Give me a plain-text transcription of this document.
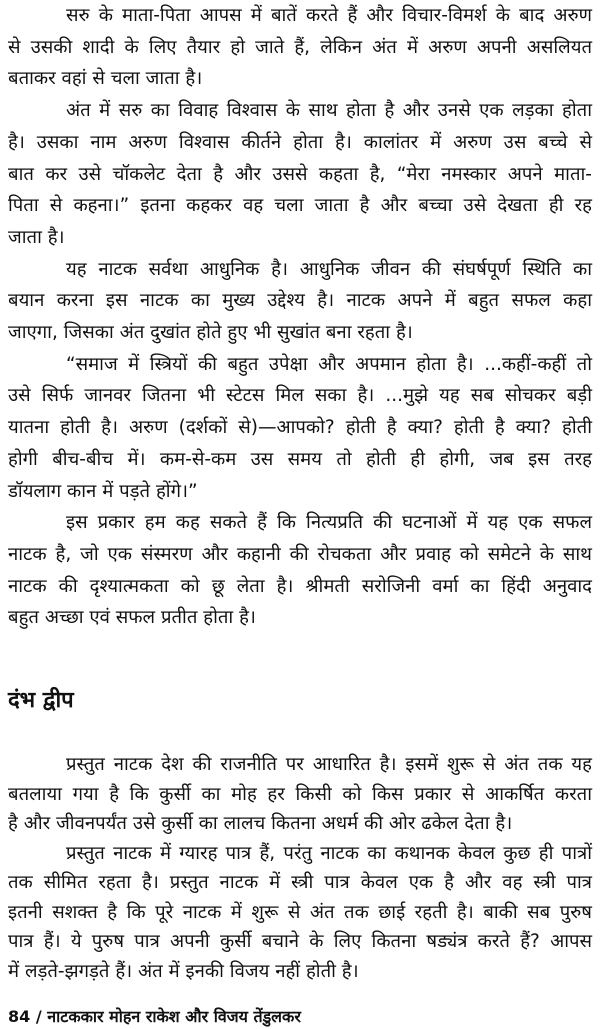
सरु के माता-पिता आपस में बातें करते हैं और विचार-विमर्श के बाद अरुण
से उसकी शादी के लिए तैयार हो जाते हैं, लेकिन अंत में अरुण अपनी असलियत
बताकर वहां से चला जाता है।
अंत में सरु का विवाह विश्वास के साथ होता है और उनसे एक लड़का होता
है। उसका नाम अरुण विश्वास कीर्तने होता है। कालांतर में अरुण उस बच्चे से
बात कर उसे चॉकलेट देता है और उससे कहता है, “मेरा नमस्कार अपने माता-
पिता से कहना।” इतना कहकर वह चला जाता है और बच्चा उसे देखता ही रह
जाता है।
यह नाटक सर्वथा आधुनिक है। आधुनिक जीवन की संघर्षपूर्ण स्थिति का
बयान करना इस नाटक का मुख्य उद्देश्य है। नाटक अपने में बहुत सफल कहा
जाएगा, जिसका अंत दुखांत होते हुए भी सुखांत बना रहता है।
“समाज में स्त्रियों की बहुत उपेक्षा और अपमान होता है। ...कहीं-कहीं तो
उसे सिर्फ जानवर जितना भी स्टेटस मिल सका है। ...मुझे यह सब सोचकर बड़ी
यातना होती है। अरुण (दर्शकों से)—आपको? होती है क्या? होती है क्या? होती
होगी बीच-बीच में। कम-से-कम उस समय तो होती ही होगी, जब इस तरह
डॉयलाग कान में पड़ते होंगे।”
इस प्रकार हम कह सकते हैं कि नित्यप्रति की घटनाओं में यह एक सफल
नाटक है, जो एक संस्मरण और कहानी की रोचकता और प्रवाह को समेटने के साथ
नाटक की दृश्यात्मकता को छू लेता है। श्रीमती सरोजिनी वर्मा का हिंदी अनुवाद
बहुत अच्छा एवं सफल प्रतीत होता है।
दंभ द्वीप
प्रस्तुत नाटक देश की राजनीति पर आधारित है। इसमें शुरू से अंत तक यह
बतलाया गया है कि कुर्सी का मोह हर किसी को किस प्रकार से आकर्षित करता
है और जीवनपर्यंत उसे कुर्सी का लालच कितना अधर्म की ओर ढकेल देता है।
प्रस्तुत नाटक में ग्यारह पात्र हैं, परंतु नाटक का कथानक केवल कुछ ही पात्रों
तक सीमित रहता है। प्रस्तुत नाटक में स्त्री पात्र केवल एक है और वह स्त्री पात्र
इतनी सशक्त है कि पूरे नाटक में शुरू से अंत तक छाई रहती है। बाकी सब पुरुष
पात्र हैं। ये पुरुष पात्र अपनी कुर्सी बचाने के लिए कितना षड्यंत्र करते हैं? आपस
में लड़ते-झगड़ते हैं। अंत में इनकी विजय नहीं होती है।
84 / नाटककार मोहन राकेश और विजय तेंडुलकर
